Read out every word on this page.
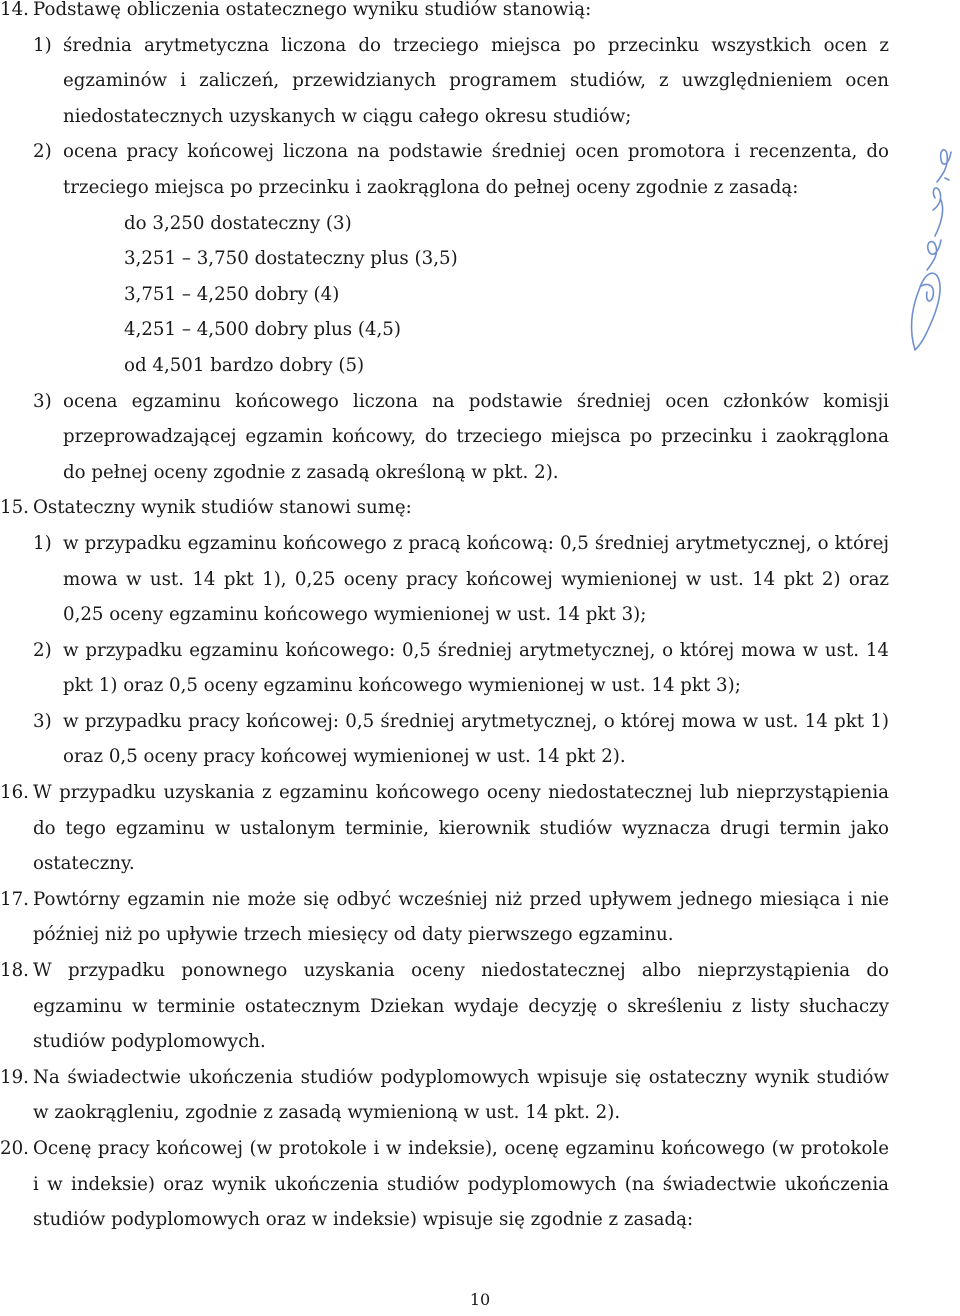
14. Podstawę obliczenia ostatecznego wyniku studiów stanowią:
1) średnia arytmetyczna liczona do trzeciego miejsca po przecinku wszystkich ocen z egzaminów i zaliczeń, przewidzianych programem studiów, z uwzględnieniem ocen niedostatecznych uzyskanych w ciągu całego okresu studiów;
2) ocena pracy końcowej liczona na podstawie średniej ocen promotora i recenzenta, do trzeciego miejsca po przecinku i zaokrąglona do pełnej oceny zgodnie z zasadą:
do 3,250 dostateczny (3)
3,251 – 3,750 dostateczny plus (3,5)
3,751 – 4,250 dobry (4)
4,251 – 4,500 dobry plus (4,5)
od 4,501 bardzo dobry (5)
3) ocena egzaminu końcowego liczona na podstawie średniej ocen członków komisji przeprowadzającej egzamin końcowy, do trzeciego miejsca po przecinku i zaokrąglona do pełnej oceny zgodnie z zasadą określoną w pkt. 2).
15. Ostateczny wynik studiów stanowi sumę:
1) w przypadku egzaminu końcowego z pracą końcową: 0,5 średniej arytmetycznej, o której mowa w ust. 14 pkt 1), 0,25 oceny pracy końcowej wymienionej w ust. 14 pkt 2) oraz 0,25 oceny egzaminu końcowego wymienionej w ust. 14 pkt 3);
2) w przypadku egzaminu końcowego: 0,5 średniej arytmetycznej, o której mowa w ust. 14 pkt 1) oraz 0,5 oceny egzaminu końcowego wymienionej w ust. 14 pkt 3);
3) w przypadku pracy końcowej: 0,5 średniej arytmetycznej, o której mowa w ust. 14 pkt 1) oraz 0,5 oceny pracy końcowej wymienionej w ust. 14 pkt 2).
16. W przypadku uzyskania z egzaminu końcowego oceny niedostatecznej lub nieprzystąpienia do tego egzaminu w ustalonym terminie, kierownik studiów wyznacza drugi termin jako ostateczny.
17. Powtórny egzamin nie może się odbyć wcześniej niż przed upływem jednego miesiąca i nie później niż po upływie trzech miesięcy od daty pierwszego egzaminu.
18. W przypadku ponownego uzyskania oceny niedostatecznej albo nieprzystąpienia do egzaminu w terminie ostatecznym Dziekan wydaje decyzję o skreśleniu z listy słuchaczy studiów podyplomowych.
19. Na świadectwie ukończenia studiów podyplomowych wpisuje się ostateczny wynik studiów w zaokrągleniu, zgodnie z zasadą wymienioną w ust. 14 pkt. 2).
20. Ocenę pracy końcowej (w protokole i w indeksie), ocenę egzaminu końcowego (w protokole i w indeksie) oraz wynik ukończenia studiów podyplomowych (na świadectwie ukończenia studiów podyplomowych oraz w indeksie) wpisuje się zgodnie z zasadą:
10
